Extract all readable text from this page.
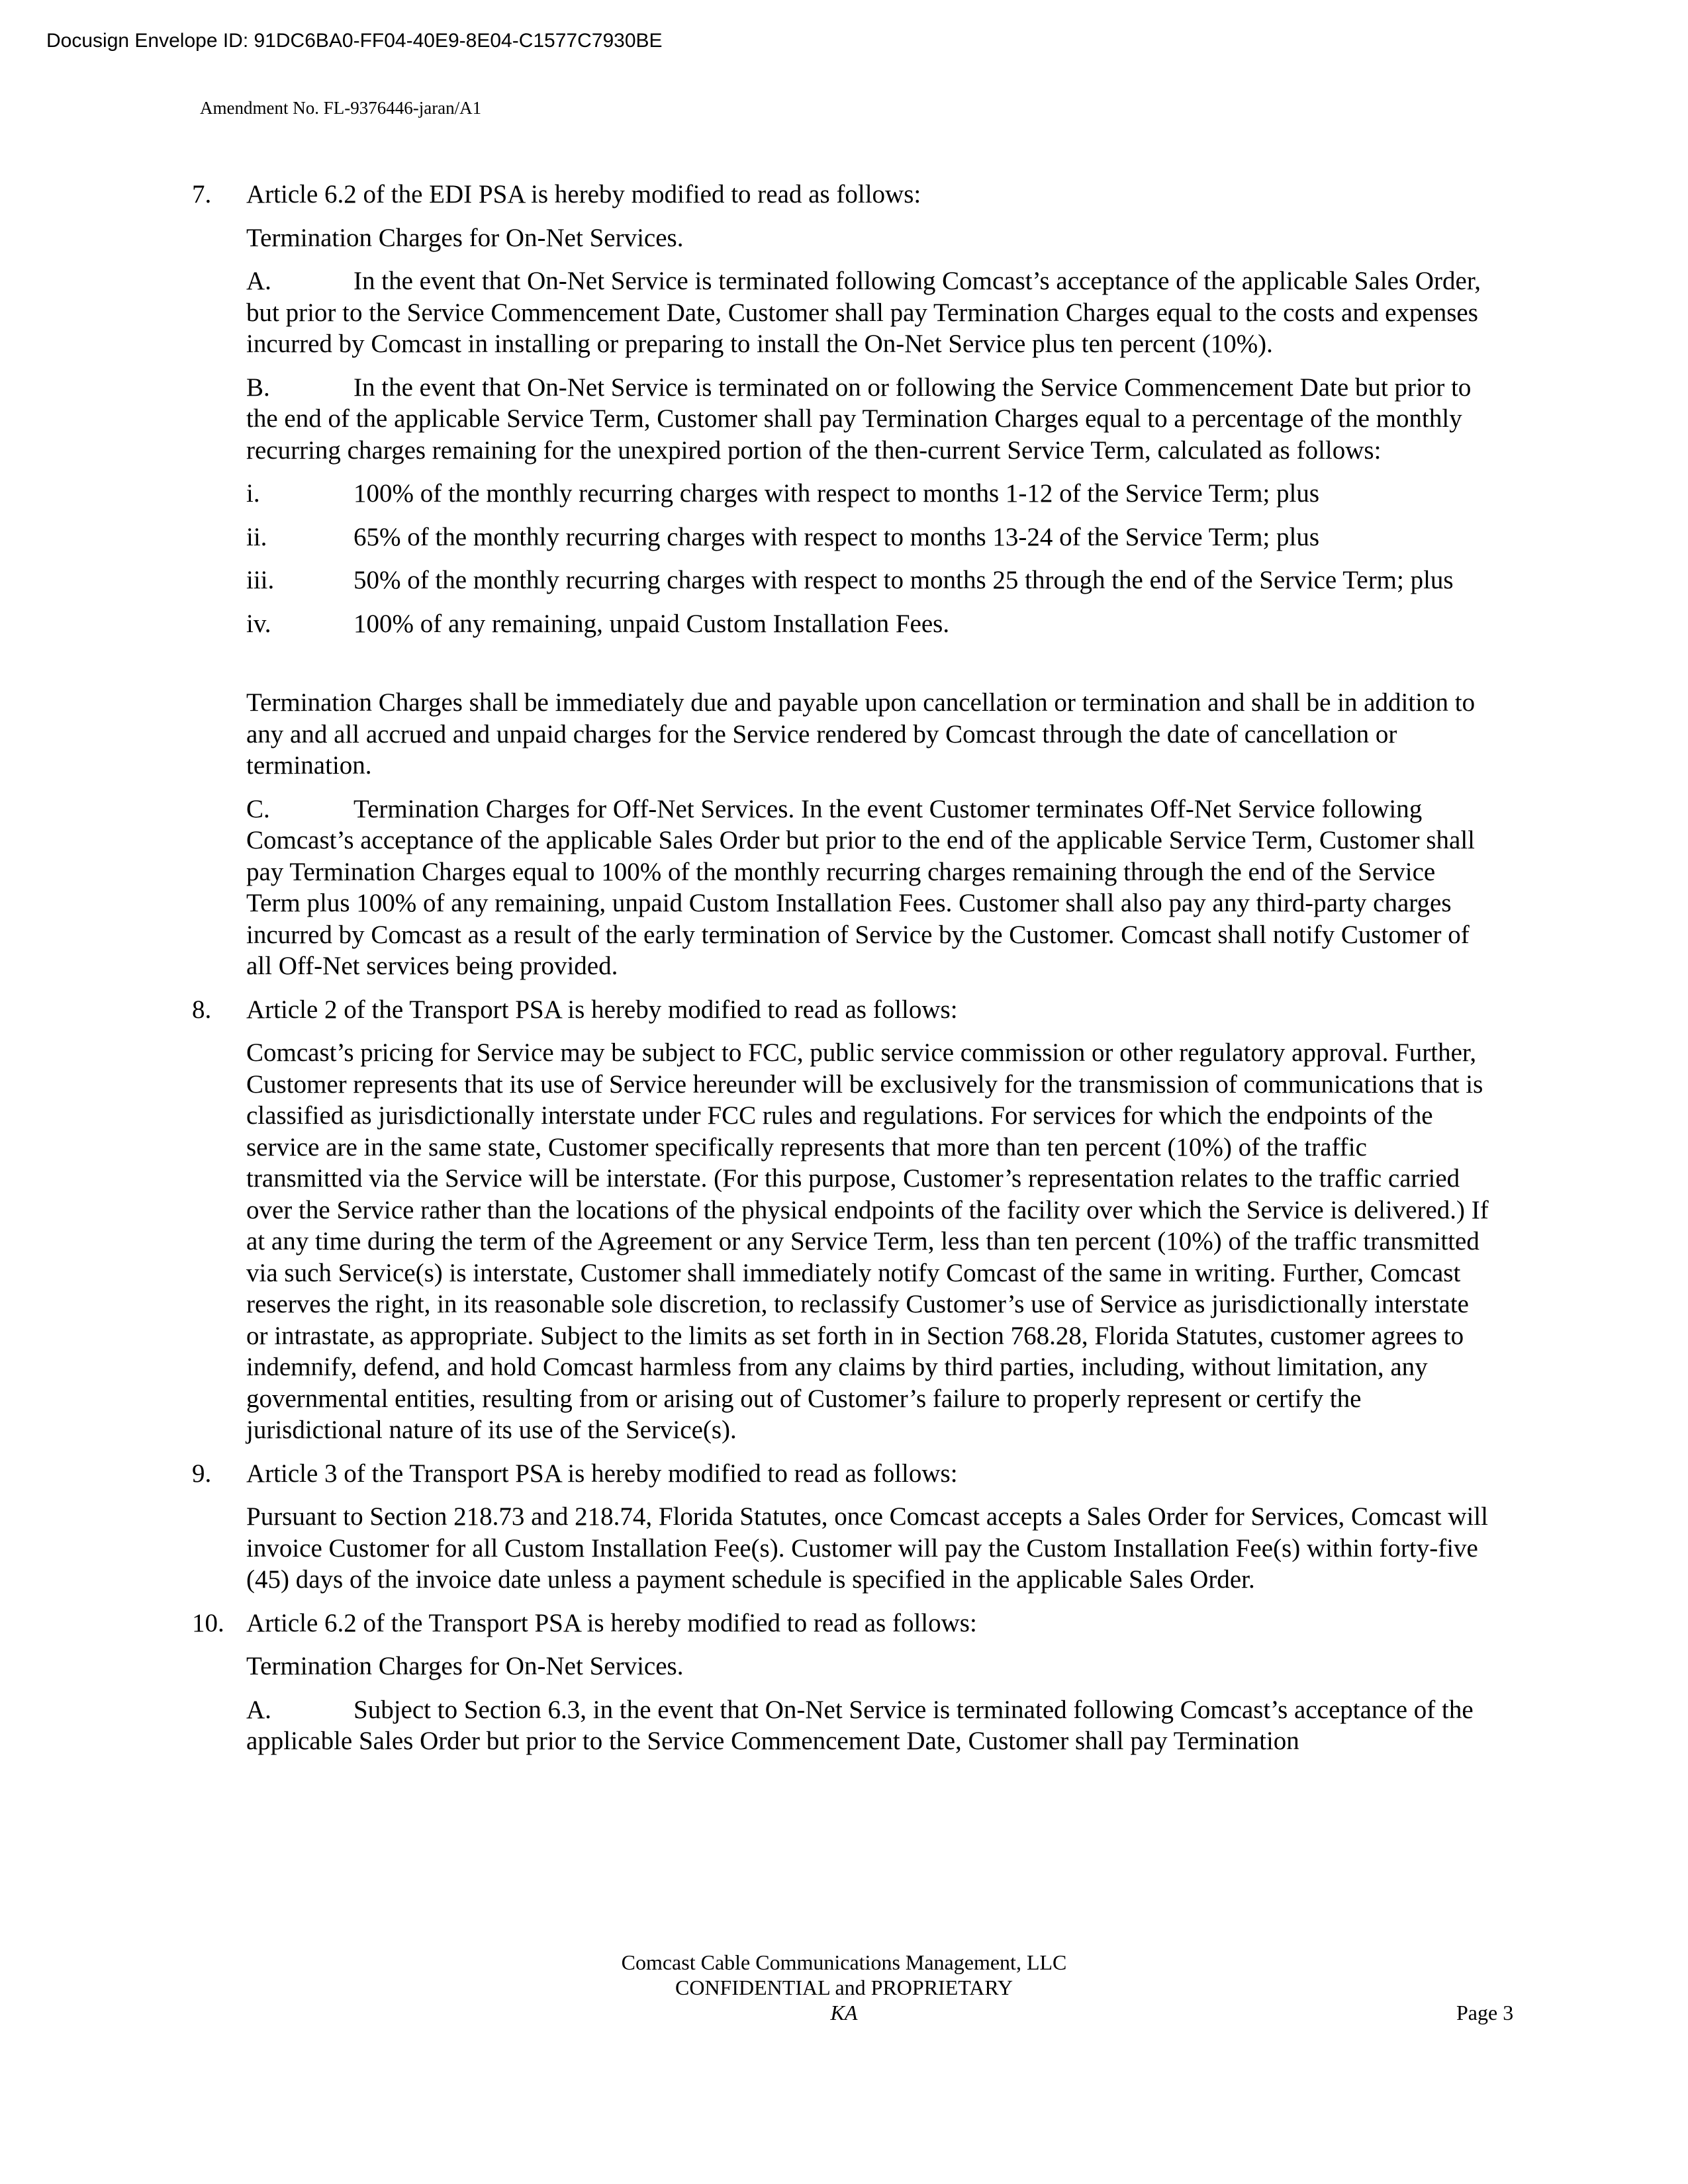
Docusign Envelope ID: 91DC6BA0-FF04-40E9-8E04-C1577C7930BE
Amendment No. FL-9376446-jaran/A1
7.	Article 6.2 of the EDI PSA is hereby modified to read as follows:

Termination Charges for On-Net Services.

A.	In the event that On-Net Service is terminated following Comcast’s acceptance of the applicable Sales Order, but prior to the Service Commencement Date, Customer shall pay Termination Charges equal to the costs and expenses incurred by Comcast in installing or preparing to install the On-Net Service plus ten percent (10%).

B.	In the event that On-Net Service is terminated on or following the Service Commencement Date but prior to the end of the applicable Service Term, Customer shall pay Termination Charges equal to a percentage of the monthly recurring charges remaining for the unexpired portion of the then-current Service Term, calculated as follows:

i.	100% of the monthly recurring charges with respect to months 1-12 of the Service Term; plus
ii.	65% of the monthly recurring charges with respect to months 13-24 of the Service Term; plus
iii.	50% of the monthly recurring charges with respect to months 25 through the end of the Service Term; plus
iv.	100% of any remaining, unpaid Custom Installation Fees.

Termination Charges shall be immediately due and payable upon cancellation or termination and shall be in addition to any and all accrued and unpaid charges for the Service rendered by Comcast through the date of cancellation or termination.

C.	Termination Charges for Off-Net Services. In the event Customer terminates Off-Net Service following Comcast’s acceptance of the applicable Sales Order but prior to the end of the applicable Service Term, Customer shall pay Termination Charges equal to 100% of the monthly recurring charges remaining through the end of the Service Term plus 100% of any remaining, unpaid Custom Installation Fees. Customer shall also pay any third-party charges incurred by Comcast as a result of the early termination of Service by the Customer. Comcast shall notify Customer of all Off-Net services being provided.

8.	Article 2 of the Transport PSA is hereby modified to read as follows:

Comcast’s pricing for Service may be subject to FCC, public service commission or other regulatory approval. Further, Customer represents that its use of Service hereunder will be exclusively for the transmission of communications that is classified as jurisdictionally interstate under FCC rules and regulations. For services for which the endpoints of the service are in the same state, Customer specifically represents that more than ten percent (10%) of the traffic transmitted via the Service will be interstate. (For this purpose, Customer’s representation relates to the traffic carried over the Service rather than the locations of the physical endpoints of the facility over which the Service is delivered.) If at any time during the term of the Agreement or any Service Term, less than ten percent (10%) of the traffic transmitted via such Service(s) is interstate, Customer shall immediately notify Comcast of the same in writing. Further, Comcast reserves the right, in its reasonable sole discretion, to reclassify Customer’s use of Service as jurisdictionally interstate or intrastate, as appropriate. Subject to the limits as set forth in in Section 768.28, Florida Statutes, customer agrees to indemnify, defend, and hold Comcast harmless from any claims by third parties, including, without limitation, any governmental entities, resulting from or arising out of Customer’s failure to properly represent or certify the jurisdictional nature of its use of the Service(s).

9.	Article 3 of the Transport PSA is hereby modified to read as follows:

Pursuant to Section 218.73 and 218.74, Florida Statutes, once Comcast accepts a Sales Order for Services, Comcast will invoice Customer for all Custom Installation Fee(s). Customer will pay the Custom Installation Fee(s) within forty-five (45) days of the invoice date unless a payment schedule is specified in the applicable Sales Order.

10. Article 6.2 of the Transport PSA is hereby modified to read as follows:

Termination Charges for On-Net Services.

A.	Subject to Section 6.3, in the event that On-Net Service is terminated following Comcast’s acceptance of the applicable Sales Order but prior to the Service Commencement Date, Customer shall pay Termination

Comcast Cable Communications Management, LLC
CONFIDENTIAL and PROPRIETARY
KA	Page 3
